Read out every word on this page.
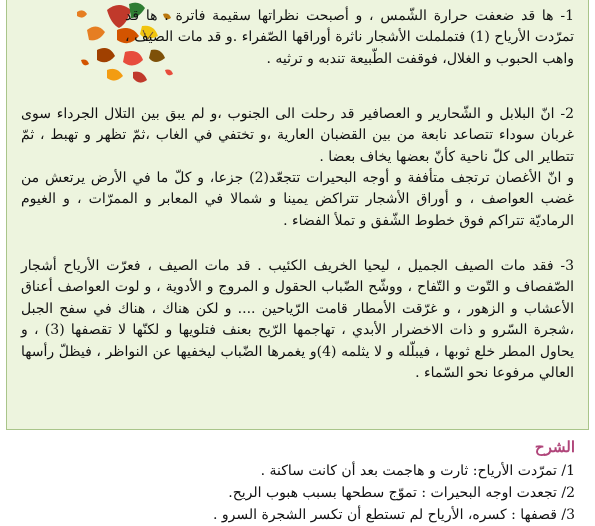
1- ها قد ضعفت حرارة الشّمس ، و أصبحت نظراتها سقيمة فاترة . ها قد تمرّدت الأرياح (1) فتململت الأشجار ناثرة أوراقها الصّفراء .و قد مات الصيف ، واهب الحبوب و الغلال، فوقفت الطّبيعة تندبه و ترثيه .

2- انّ البلابل و الشّحارير و العصافير قد رحلت الى الجنوب ،و لم يبق بين التلال الجرداء سوى غربان سوداء تتصاعد نابعة من بين القضبان العارية ،و تختفي في الغاب ،ثمّ تظهر و تهبط ، ثمّ تتطاير الى كلّ ناحية كأنّ بعضها يخاف بعضا .

و انّ الأغصان ترتجف متأففة و أوجه البحيرات تتجعّد(2) جزعا، و كلّ ما في الأرض يرتعش من غضب العواصف ، و أوراق الأشجار تتراكض يمينا و شمالا في المعابر و الممرّات ، و الغيوم الرماديّة تتراكم فوق خطوط الشّفق و تملأ الفضاء .

3- فقد مات الصيف الجميل ، ليحيا الخريف الكئيب . قد مات الصيف ، فعرّت الأرياح أشجار الصّفصاف و التّوت و التّفاح ، ووشّح الضّباب الحقول و المروج و الأدوية ، و لوت العواصف أعناق الأعشاب و الزهور ، و غرّقت الأمطار قامت الرّياحين .... و لكن هناك ، هناك في سفح الجبل ،شجرة السّرو و ذات الاخضرار الأبدي ، تهاجمها الرّيح بعنف فتلويها و لكنّها لا تقصفها (3) ، و يحاول المطر خلع ثوبها ، فيبلّله و لا يثلمه (4)و يغمرها الضّباب ليخفيها عن النواظر ، فيظلّ رأسها العالي مرفوعا نحو السّماء .

الشرح

1/ تمرّدت الأرياح: ثارت و هاجمت بعد أن كانت ساكنة .

2/ تجعدت اوجه البحيرات : تموّج سطحها بسبب هبوب الريح.

3/ قصفها : كسره، الأرياح لم تستطع أن تكسر الشجرة السرو .
